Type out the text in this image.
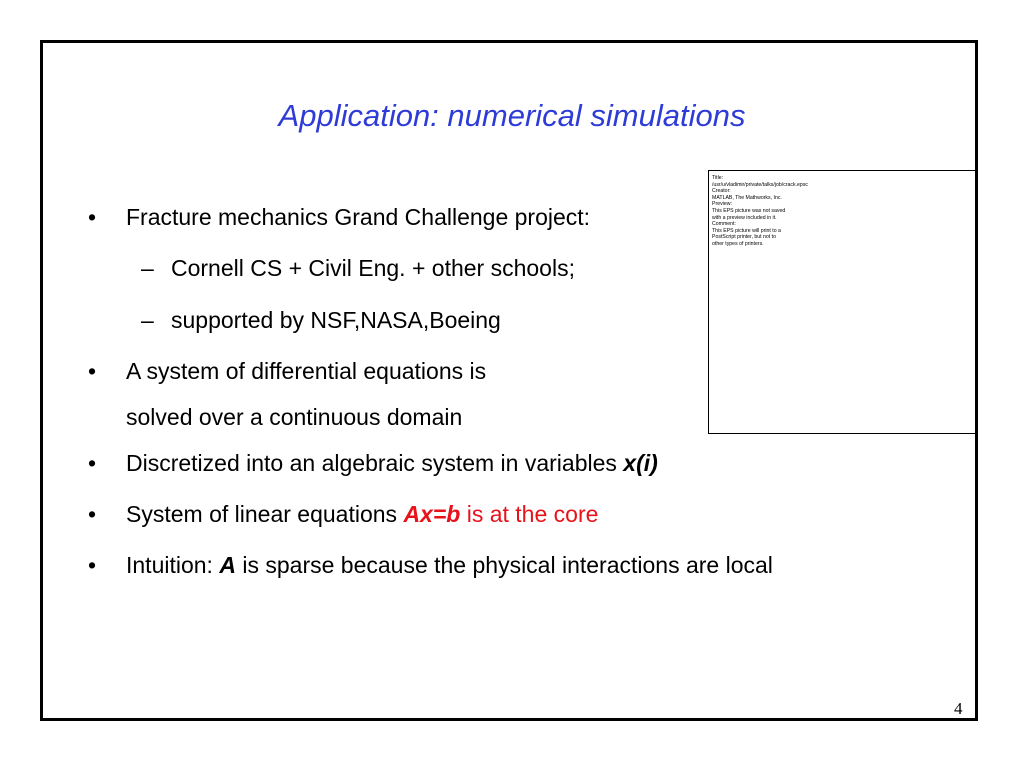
Application: numerical simulations
Title:
/usr/u/vladimir/private/talks/job/crack.epsc
Creator:
MATLAB, The Mathworks, Inc.
Preview:
This EPS picture was not saved
with a preview included in it.
Comment:
This EPS picture will print to a
PostScript printer, but not to
other types of printers.
• Fracture mechanics Grand Challenge project:
– Cornell CS + Civil Eng. + other schools;
– supported by NSF,NASA,Boeing
• A system of differential equations is
solved over a continuous domain
• Discretized into an algebraic system in variables x(i)
• System of linear equations Ax=b is at the core
• Intuition: A is sparse because the physical interactions are local
4
